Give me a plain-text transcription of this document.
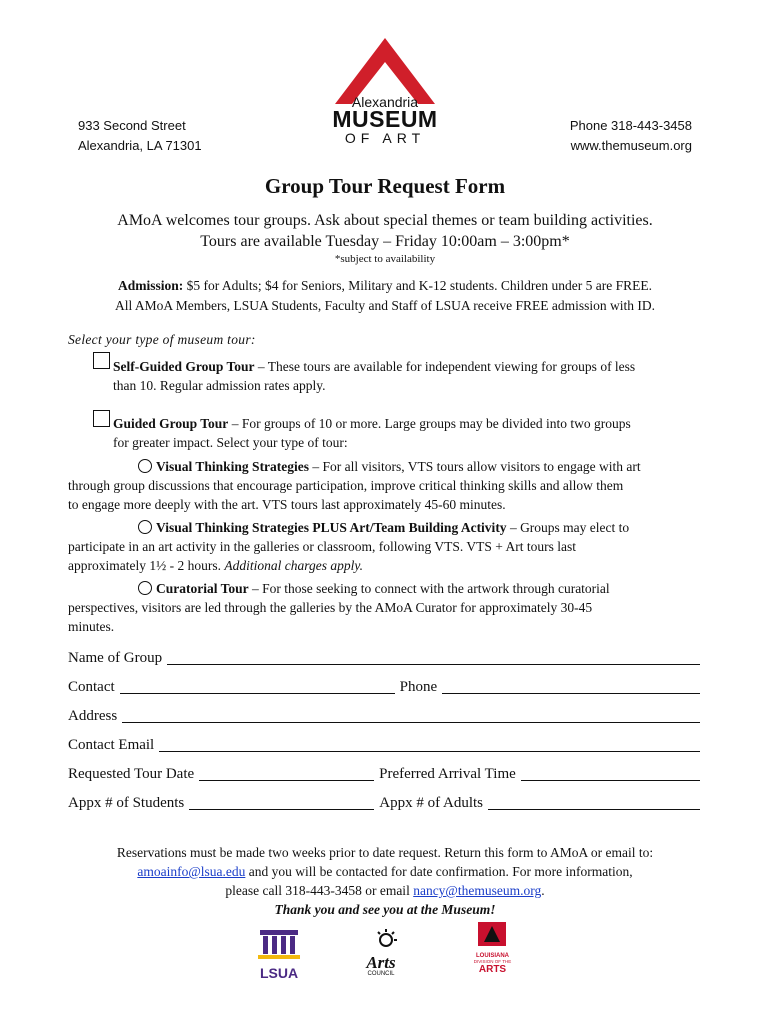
933 Second Street
Alexandria, LA 71301
Alexandria
MUSEUM
OF ART
Phone 318-443-3458
www.themuseum.org
Group Tour Request Form
AMoA welcomes tour groups. Ask about special themes or team building activities.
Tours are available Tuesday – Friday 10:00am – 3:00pm*
*subject to availability
Admission: $5 for Adults; $4 for Seniors, Military and K-12 students. Children under 5 are FREE.
All AMoA Members, LSUA Students, Faculty and Staff of LSUA receive FREE admission with ID.
Select your type of museum tour:
Self-Guided Group Tour – These tours are available for independent viewing for groups of less
than 10. Regular admission rates apply.
Guided Group Tour – For groups of 10 or more. Large groups may be divided into two groups
for greater impact. Select your type of tour:
Visual Thinking Strategies – For all visitors, VTS tours allow visitors to engage with art
through group discussions that encourage participation, improve critical thinking skills and allow them
to engage more deeply with the art. VTS tours last approximately 45-60 minutes.
Visual Thinking Strategies PLUS Art/Team Building Activity – Groups may elect to
participate in an art activity in the galleries or classroom, following VTS. VTS + Art tours last
approximately 1½ - 2 hours. Additional charges apply.
Curatorial Tour – For those seeking to connect with the artwork through curatorial
perspectives, visitors are led through the galleries by the AMoA Curator for approximately 30-45
minutes.
Name of Group
Contact	Phone
Address
Contact Email
Requested Tour Date	Preferred Arrival Time
Appx # of Students	Appx # of Adults
Reservations must be made two weeks prior to date request. Return this form to AMoA or email to:
amoainfo@lsua.edu and you will be contacted for date confirmation. For more information,
please call 318-443-3458 or email nancy@themuseum.org.
Thank you and see you at the Museum!
LSUA
Arts
COUNCIL
LOUISIANA
DIVISION OF THE
ARTS
